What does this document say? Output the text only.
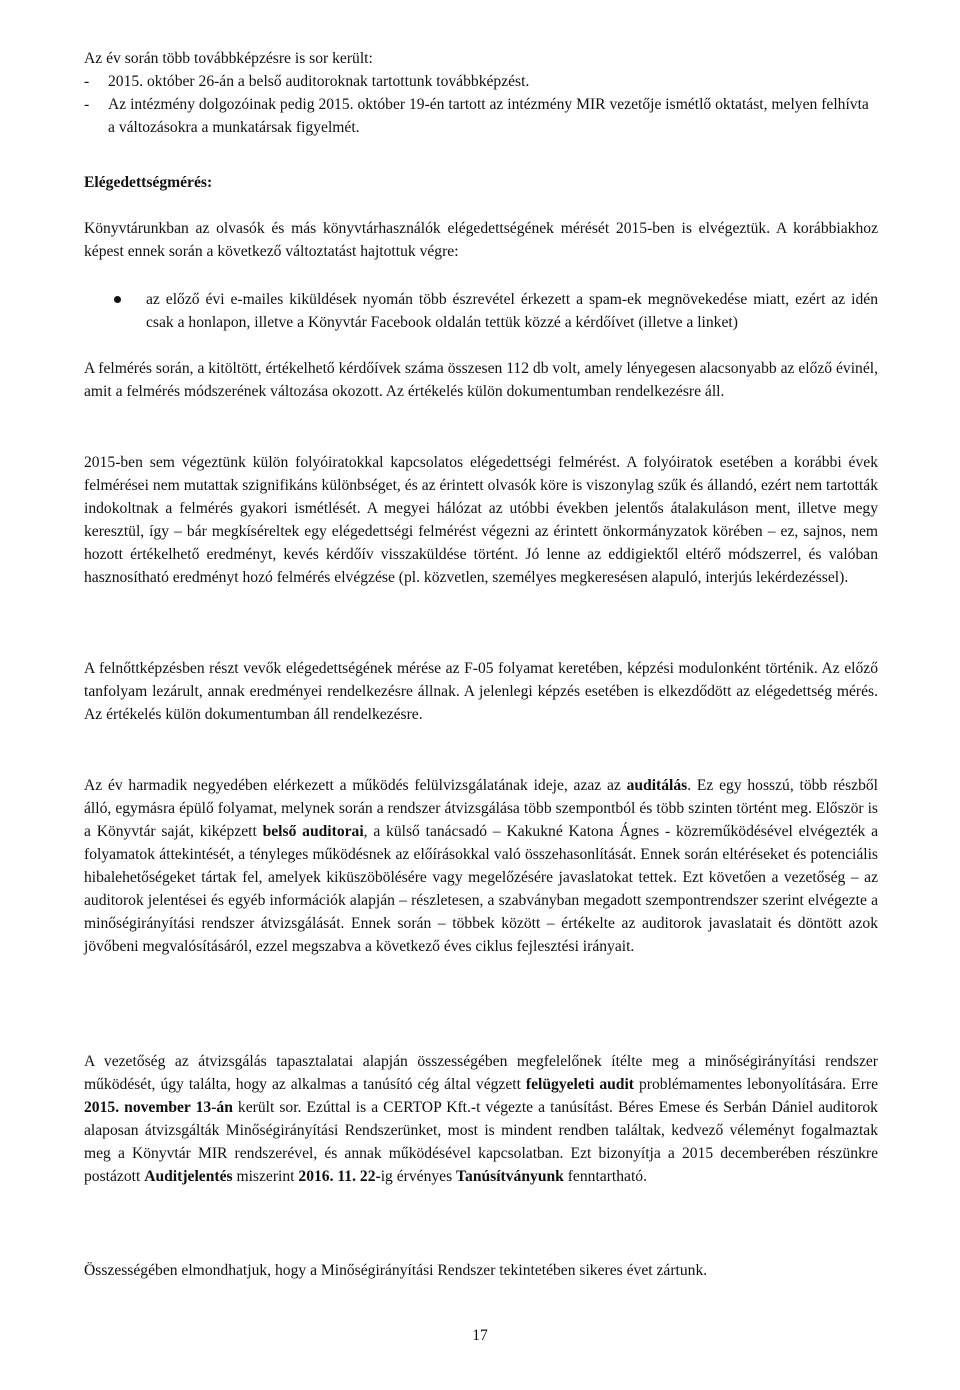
Az év során több továbbképzésre is sor került:

- 2015. október 26-án a belső auditoroknak tartottunk továbbképzést.
- Az intézmény dolgozóinak pedig 2015. október 19-én tartott az intézmény MIR vezetője ismétlő oktatást, melyen felhívta a változásokra a munkatársak figyelmét.

Elégedettségmérés:

Könyvtárunkban az olvasók és más könyvtárhasználók elégedettségének mérését 2015-ben is elvégeztük. A korábbiakhoz képest ennek során a következő változtatást hajtottuk végre:

az előző évi e-mailes kiküldések nyomán több észrevétel érkezett a spam-ek megnövekedése miatt, ezért az idén csak a honlapon, illetve a Könyvtár Facebook oldalán tettük közzé a kérdőívet (illetve a linket)

A felmérés során, a kitöltött, értékelhető kérdőívek száma összesen 112 db volt, amely lényegesen alacsonyabb az előző évinél, amit a felmérés módszerének változása okozott. Az értékelés külön dokumentumban rendelkezésre áll.

2015-ben sem végeztünk külön folyóiratokkal kapcsolatos elégedettségi felmérést. A folyóiratok esetében a korábbi évek felmérései nem mutattak szignifikáns különbséget, és az érintett olvasók köre is viszonylag szűk és állandó, ezért nem tartották indokoltnak a felmérés gyakori ismétlését. A megyei hálózat az utóbbi években jelentős átalakuláson ment, illetve megy keresztül, így – bár megkíséreltek egy elégedettségi felmérést végezni az érintett önkormányzatok körében – ez, sajnos, nem hozott értékelhető eredményt, kevés kérdőív visszaküldése történt. Jó lenne az eddigiektől eltérő módszerrel, és valóban hasznosítható eredményt hozó felmérés elvégzése (pl. közvetlen, személyes megkeresésen alapuló, interjús lekérdezéssel).

A felnőttképzésben részt vevők elégedettségének mérése az F-05 folyamat keretében, képzési modulonként történik. Az előző tanfolyam lezárult, annak eredményei rendelkezésre állnak. A jelenlegi képzés esetében is elkezdődött az elégedettség mérés. Az értékelés külön dokumentumban áll rendelkezésre.

Az év harmadik negyedében elérkezett a működés felülvizsgálatának ideje, azaz az auditálás. Ez egy hosszú, több részből álló, egymásra épülő folyamat, melynek során a rendszer átvizsgálása több szempontból és több szinten történt meg. Először is a Könyvtár saját, kiképzett belső auditorai, a külső tanácsadó – Kakukné Katona Ágnes - közreműködésével elvégezték a folyamatok áttekintését, a tényleges működésnek az előírásokkal való összehasonlítását. Ennek során eltéréseket és potenciális hibalehetőségeket tártak fel, amelyek kiküszöbölésére vagy megelőzésére javaslatokat tettek. Ezt követően a vezetőség – az auditorok jelentései és egyéb információk alapján – részletesen, a szabványban megadott szempontrendszer szerint elvégezte a minőségirányítási rendszer átvizsgálását. Ennek során – többek között – értékelte az auditorok javaslatait és döntött azok jövőbeni megvalósításáról, ezzel megszabva a következő éves ciklus fejlesztési irányait.

A vezetőség az átvizsgálás tapasztalatai alapján összességében megfelelőnek ítélte meg a minőségirányítási rendszer működését, úgy találta, hogy az alkalmas a tanúsító cég által végzett felügyeleti audit problémamentes lebonyolítására. Erre 2015. november 13-án került sor. Ezúttal is a CERTOP Kft.-t végezte a tanúsítást. Béres Emese és Serbán Dániel auditorok alaposan átvizsgálták Minőségirányítási Rendszerünket, most is mindent rendben találtak, kedvező véleményt fogalmaztak meg a Könyvtár MIR rendszerével, és annak működésével kapcsolatban. Ezt bizonyítja a 2015 decemberében részünkre postázott Auditjelentés miszerint 2016. 11. 22-ig érvényes Tanúsítványunk fenntartható.

Összességében elmondhatjuk, hogy a Minőségirányítási Rendszer tekintetében sikeres évet zártunk.

17
